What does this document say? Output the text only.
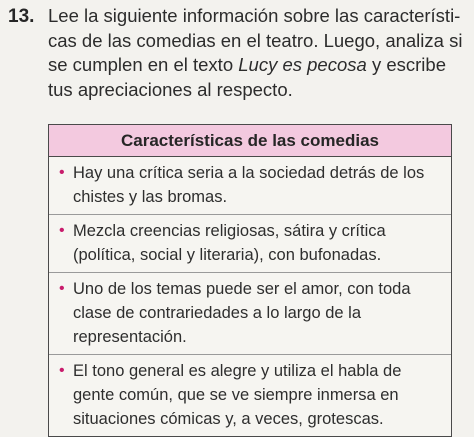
13. Lee la siguiente información sobre las característi-cas de las comedias en el teatro. Luego, analiza si se cumplen en el texto Lucy es pecosa y escribe tus apreciaciones al respecto.
Características de las comedias
• Hay una crítica seria a la sociedad detrás de los chistes y las bromas.
• Mezcla creencias religiosas, sátira y crítica (política, social y literaria), con bufonadas.
• Uno de los temas puede ser el amor, con toda clase de contrariedades a lo largo de la representación.
• El tono general es alegre y utiliza el habla de gente común, que se ve siempre inmersa en situaciones cómicas y, a veces, grotescas.
